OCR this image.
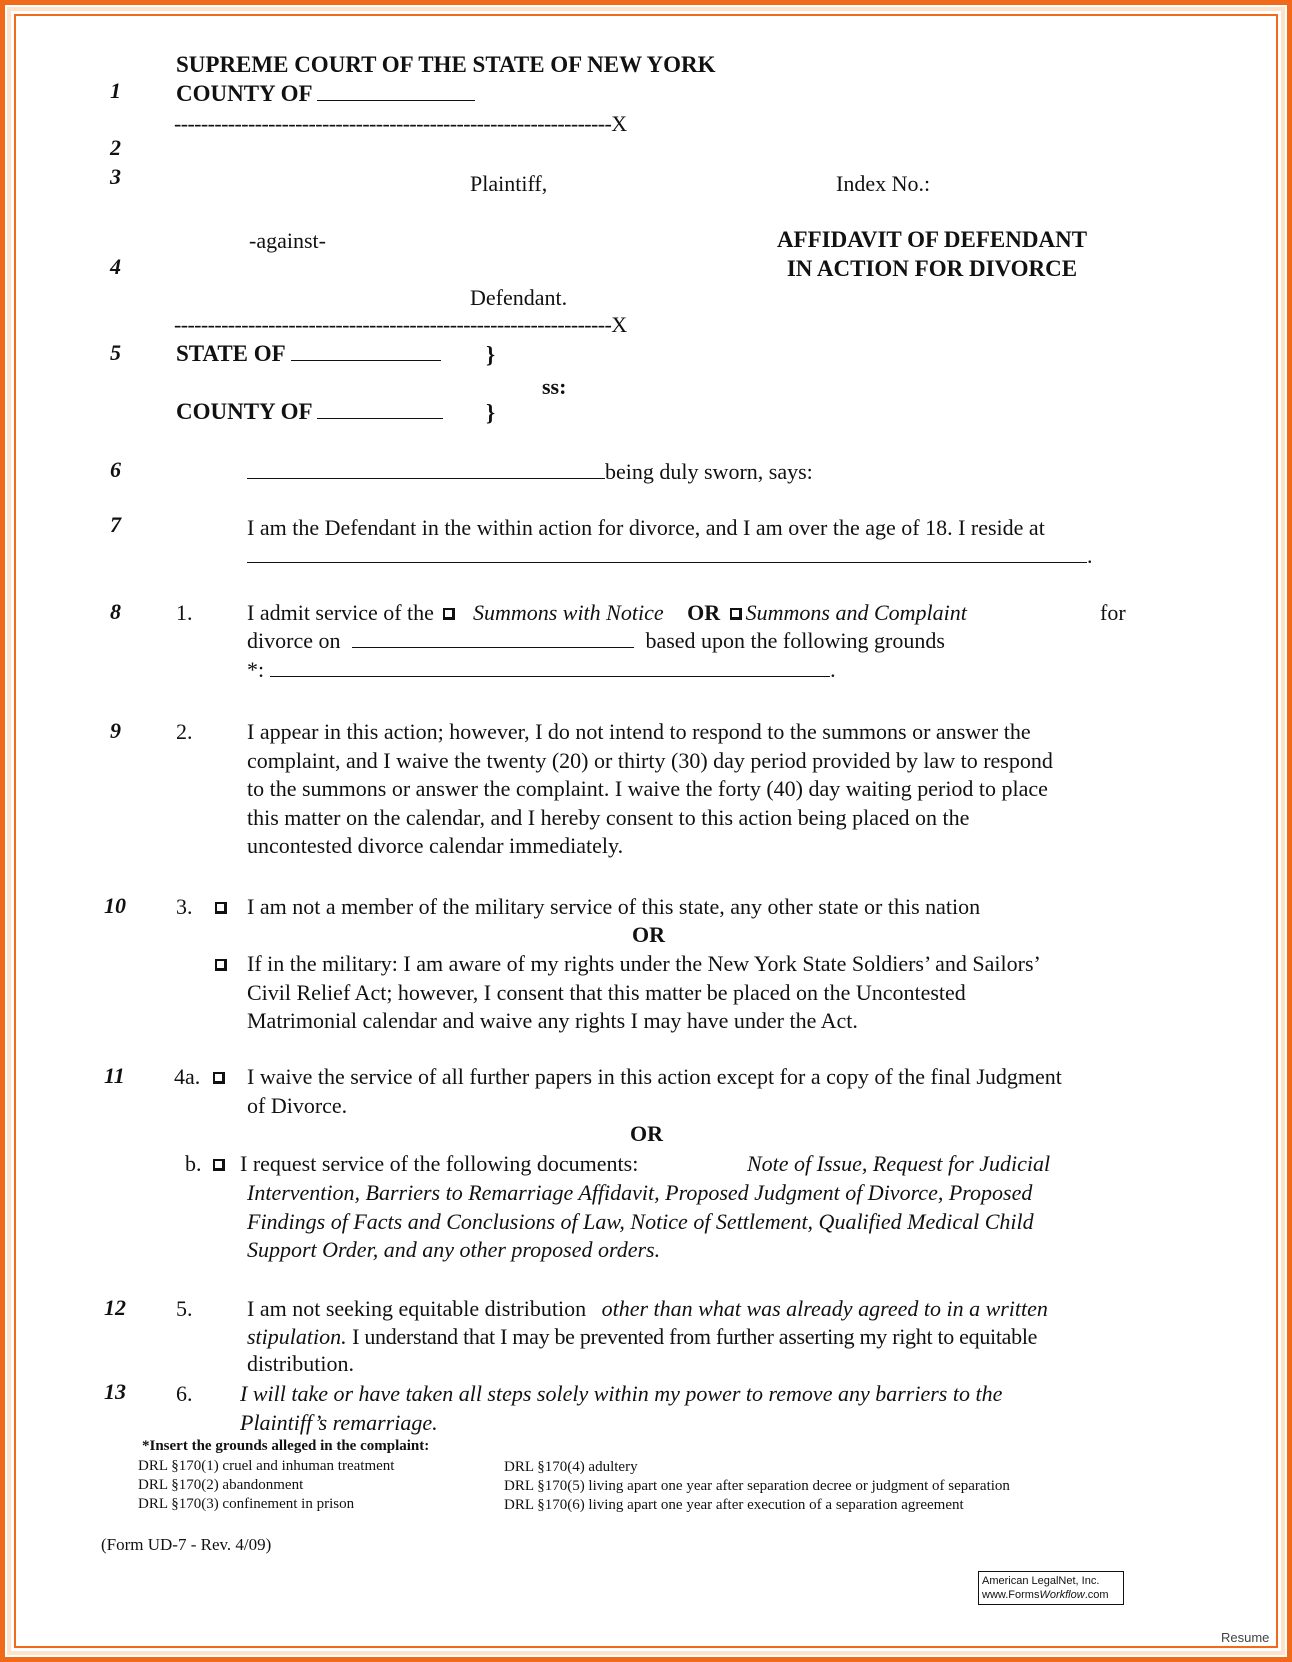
1
2
3
4
5
6
7
8
9
10
11
12
13
SUPREME COURT OF THE STATE OF NEW YORK
COUNTY OF
-----------------------------------------------------------------X
Plaintiff,	Index No.:
-against-	AFFIDAVIT OF DEFENDANT
IN ACTION FOR DIVORCE
Defendant.
-----------------------------------------------------------------X
STATE OF	}
ss:
COUNTY OF	}
being duly sworn, says:
I am the Defendant in the within action for divorce, and I am over the age of 18. I reside at
.
1. I admit service of the Summons with Notice OR Summons and Complaint	for
divorce on	based upon the following grounds
*:	.
2. I appear in this action; however, I do not intend to respond to the summons or answer the
complaint, and I waive the twenty (20) or thirty (30) day period provided by law to respond
to the summons or answer the complaint. I waive the forty (40) day waiting period to place
this matter on the calendar, and I hereby consent to this action being placed on the
uncontested divorce calendar immediately.
3. I am not a member of the military service of this state, any other state or this nation
OR
If in the military: I am aware of my rights under the New York State Soldiers’ and Sailors’
Civil Relief Act; however, I consent that this matter be placed on the Uncontested
Matrimonial calendar and waive any rights I may have under the Act.
4a. I waive the service of all further papers in this action except for a copy of the final Judgment
of Divorce.
OR
b. I request service of the following documents:	Note of Issue, Request for Judicial
Intervention, Barriers to Remarriage Affidavit, Proposed Judgment of Divorce, Proposed
Findings of Facts and Conclusions of Law, Notice of Settlement, Qualified Medical Child
Support Order, and any other proposed orders.
5. I am not seeking equitable distribution other than what was already agreed to in a written
stipulation. I understand that I may be prevented from further asserting my right to equitable
distribution.
6. I will take or have taken all steps solely within my power to remove any barriers to the
Plaintiff’s remarriage.
*Insert the grounds alleged in the complaint:
DRL §170(1) cruel and inhuman treatment
DRL §170(2) abandonment
DRL §170(3) confinement in prison
DRL §170(4) adultery
DRL §170(5) living apart one year after separation decree or judgment of separation
DRL §170(6) living apart one year after execution of a separation agreement
(Form UD-7 - Rev. 4/09)
American LegalNet, Inc.
www.FormsWorkflow.com
Resume
